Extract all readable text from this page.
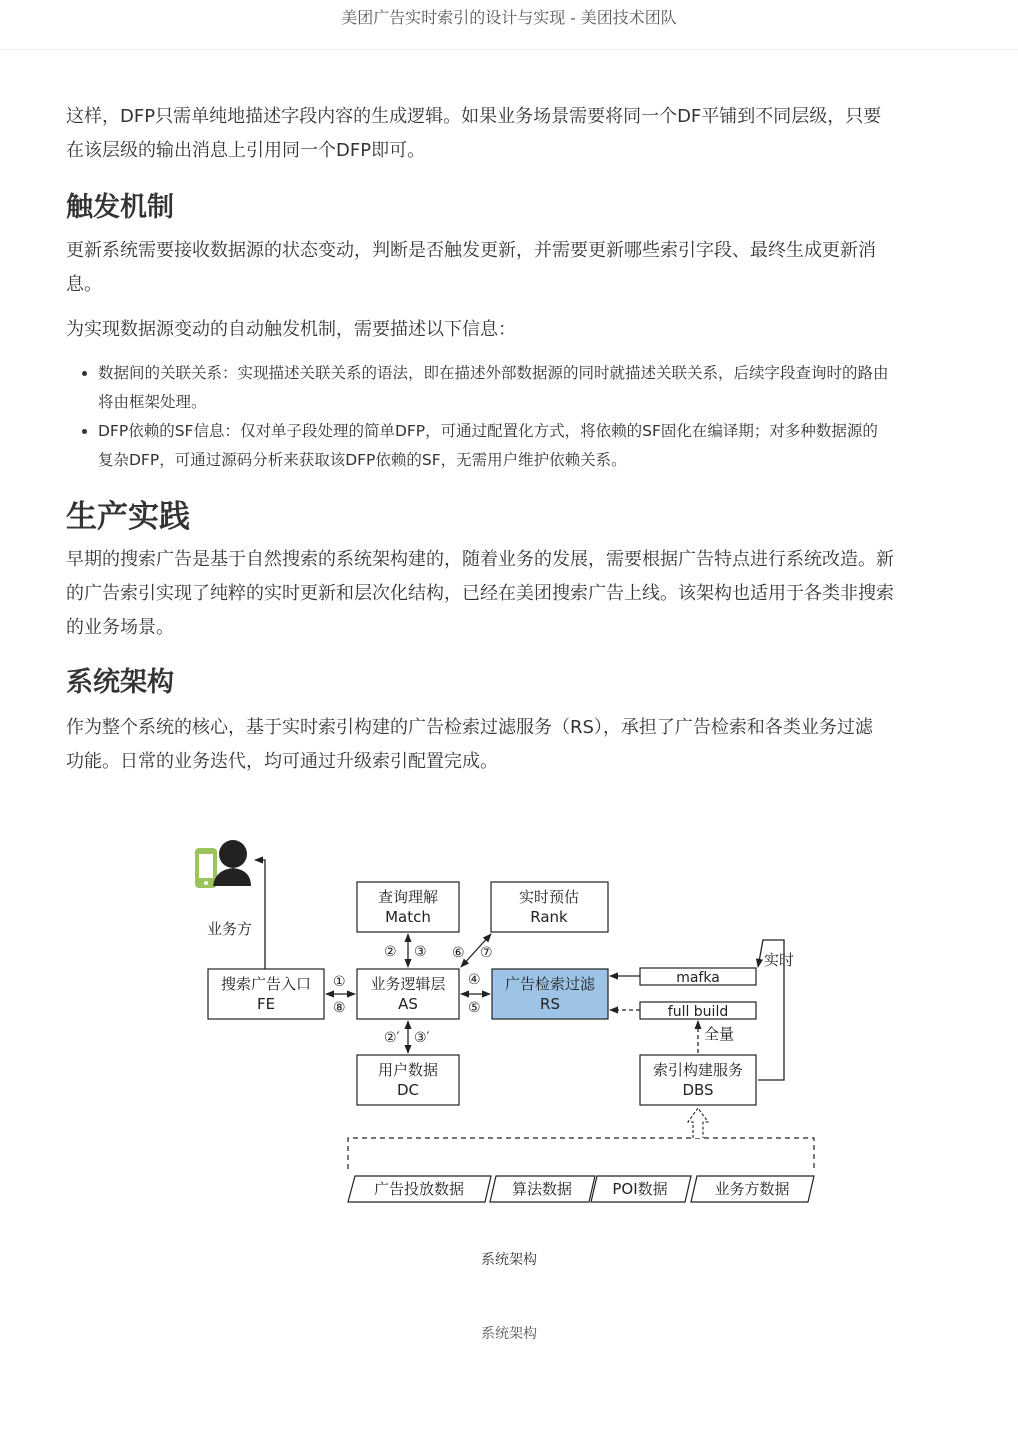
美团广告实时索引的设计与实现 - 美团技术团队

这样，DFP只需单纯地描述字段内容的生成逻辑。如果业务场景需要将同一个DF平铺到不同层级，只要
在该层级的输出消息上引用同一个DFP即可。

触发机制

更新系统需要接收数据源的状态变动，判断是否触发更新，并需要更新哪些索引字段、最终生成更新消
息。

为实现数据源变动的自动触发机制，需要描述以下信息：

• 数据间的关联关系：实现描述关联关系的语法，即在描述外部数据源的同时就描述关联关系，后续字段查询时的路由
将由框架处理。
• DFP依赖的SF信息：仅对单子段处理的简单DFP，可通过配置化方式，将依赖的SF固化在编译期；对多种数据源的
复杂DFP，可通过源码分析来获取该DFP依赖的SF，无需用户维护依赖关系。
生产实践

早期的搜索广告是基于自然搜索的系统架构建的，随着业务的发展，需要根据广告特点进行系统改造。新
的广告索引实现了纯粹的实时更新和层次化结构，已经在美团搜索广告上线。该架构也适用于各类非搜索
的业务场景。

系统架构

作为整个系统的核心，基于实时索引构建的广告检索过滤服务（RS），承担了广告检索和各类业务过滤
功能。日常的业务迭代，均可通过升级索引配置完成。

业务方
搜索广告入口
FE
业务逻辑层
AS
广告检索过滤
RS
查询理解
Match
实时预估
Rank
用户数据
DC
索引构建服务
DBS
mafka
full build
①
⑧
④
⑤
② ③ ⑥ ⑦
②′ ③′
实时
全量
广告投放数据	算法数据	POI数据	业务方数据
系统架构
系统架构
